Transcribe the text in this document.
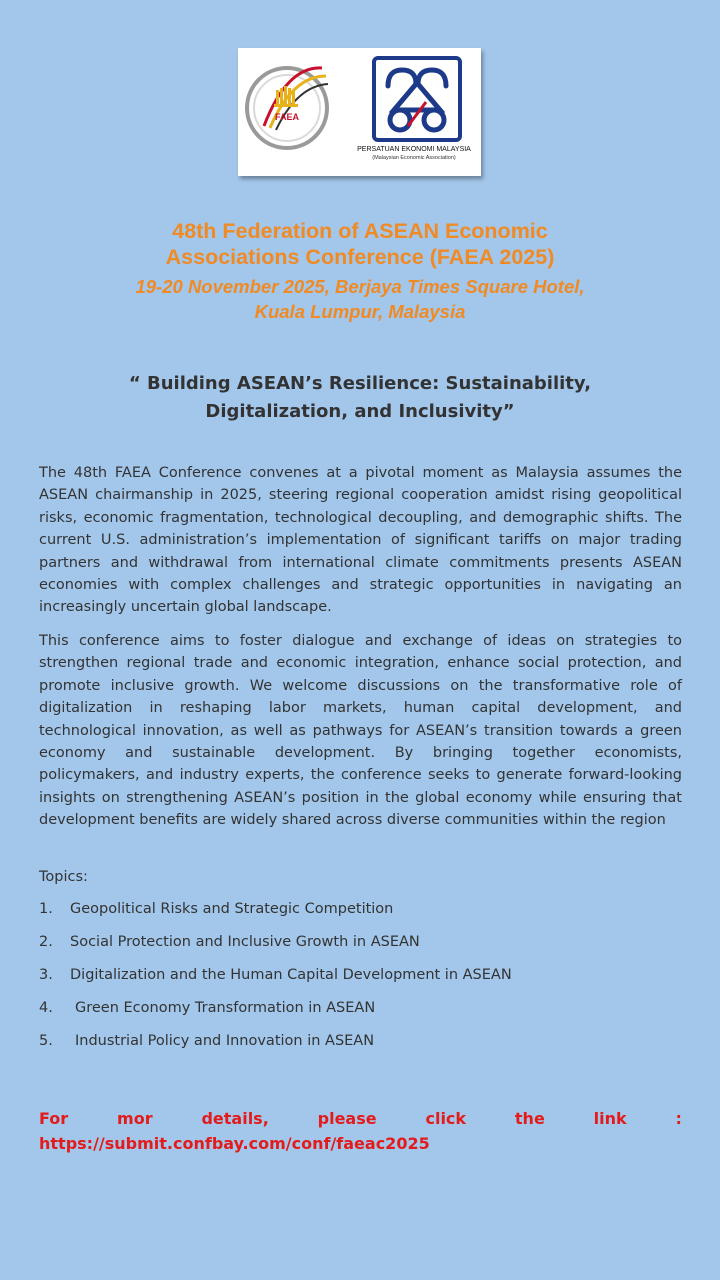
FAEA
PERSATUAN EKONOMI MALAYSIA
(Malaysian Economic Association)
48th Federation of ASEAN Economic
Associations Conference (FAEA 2025)
19-20 November 2025, Berjaya Times Square Hotel,
Kuala Lumpur, Malaysia
“ Building ASEAN’s Resilience: Sustainability,
Digitalization, and Inclusivity”

The 48th FAEA Conference convenes at a pivotal moment as Malaysia assumes the ASEAN chairmanship in 2025, steering regional cooperation amidst rising geopolitical risks, economic fragmentation, technological decoupling, and demographic shifts. The current U.S. administration’s implementation of significant tariffs on major trading partners and withdrawal from international climate commitments presents ASEAN economies with complex challenges and strategic opportunities in navigating an increasingly uncertain global landscape.

This conference aims to foster dialogue and exchange of ideas on strategies to strengthen regional trade and economic integration, enhance social protection, and promote inclusive growth. We welcome discussions on the transformative role of digitalization in reshaping labor markets, human capital development, and technological innovation, as well as pathways for ASEAN’s transition towards a green economy and sustainable development. By bringing together economists, policymakers, and industry experts, the conference seeks to generate forward-looking insights on strengthening ASEAN’s position in the global economy while ensuring that development benefits are widely shared across diverse communities within the region

Topics:

1. Geopolitical Risks and Strategic Competition
2. Social Protection and Inclusive Growth in ASEAN
3. Digitalization and the Human Capital Development in ASEAN
4. Green Economy Transformation in ASEAN
5. Industrial Policy and Innovation in ASEAN

For	mor	details,	please	click	the	link	:

https://submit.confbay.com/conf/faeac2025
